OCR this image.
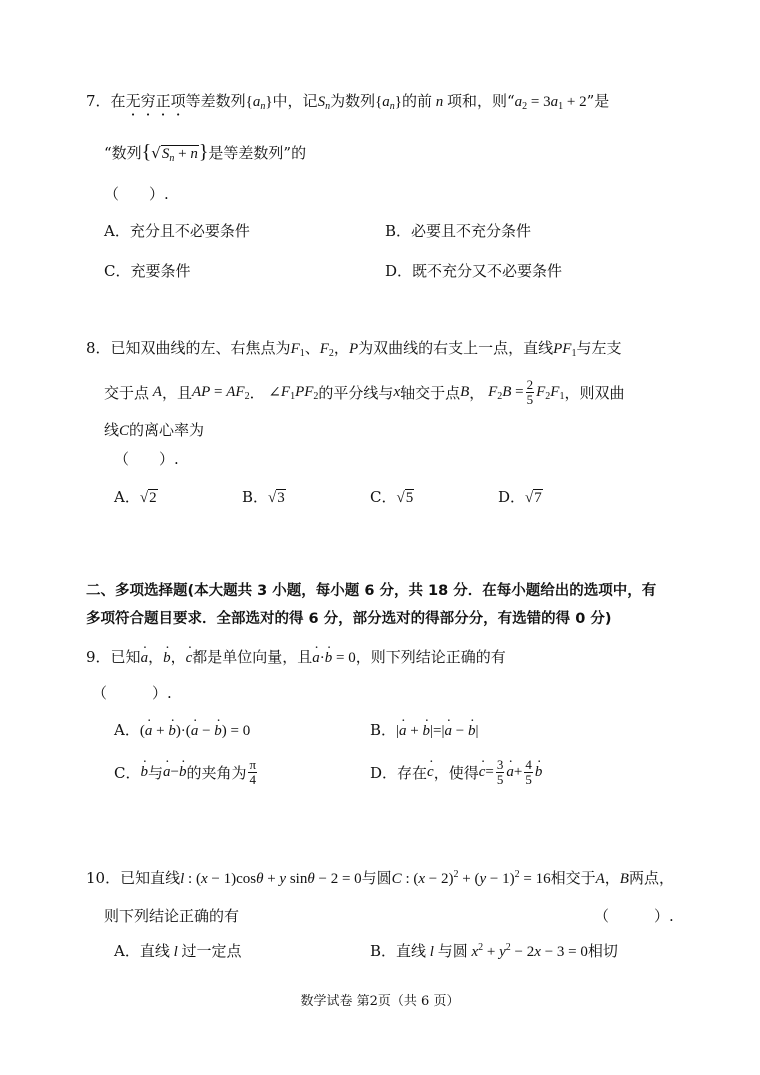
7．在无穷正项等差数列$\{a_n\}$中，记$S_n$为数列$\{a_n\}$的前 n 项和，则“$a_2 = 3a_1 + 2$”是
“数列$\{√S_n + n\}$是等差数列”的
（　　）.
A．充分且不必要条件	B．必要且不充分条件
C．充要条件	D．既不充分又不必要条件
8．已知双曲线的左、右焦点为$F_1$、$F_2$，P为双曲线的右支上一点，直线$PF_1$与左支
交于点 A ，且 AP = $AF_2$ ． ∠ $F_1PF_2$ 的平分线与 x 轴交于点 B ， $F_2B = \frac{2}{5} F_2F_1$ ，则双曲
线C的离心率为
（　　）.
A．√2	B．√3	C．√5	D．√7
二、多项选择题(本大题共 3 小题，每小题 6 分，共 18 分．在每小题给出的选项中，有
多项符合题目要求．全部选对的得 6 分，部分选对的得部分分，有选错的得 0 分)
9．已知· a，· b，· c都是单位向量，且· a·· b = 0，则下列结论正确的有
（　　　）.
A．(· a + · b)·(· a − · b) = 0	B．|· a + · b|=|· a − · b|
C．
· b 与
· a −
· b 的夹角为 $\frac{\pi}{4}$	D． 存在
· c ，使得
· $c = \frac{3}{5}$
· $a + \frac{4}{5}$
· b
10．已知直线l : (x − 1)cosθ + y sinθ − 2 = 0与圆C : $(x - 2)^2 + (y - 1)^2 = 16$相交于A，B两点，
则下列结论正确的有	（　　　）.
A．直线 l 过一定点	B．直线 l 与圆 $x^2 + y^2 - 2x - 3 = 0$相切
数学试卷 第2页（共 6 页）
